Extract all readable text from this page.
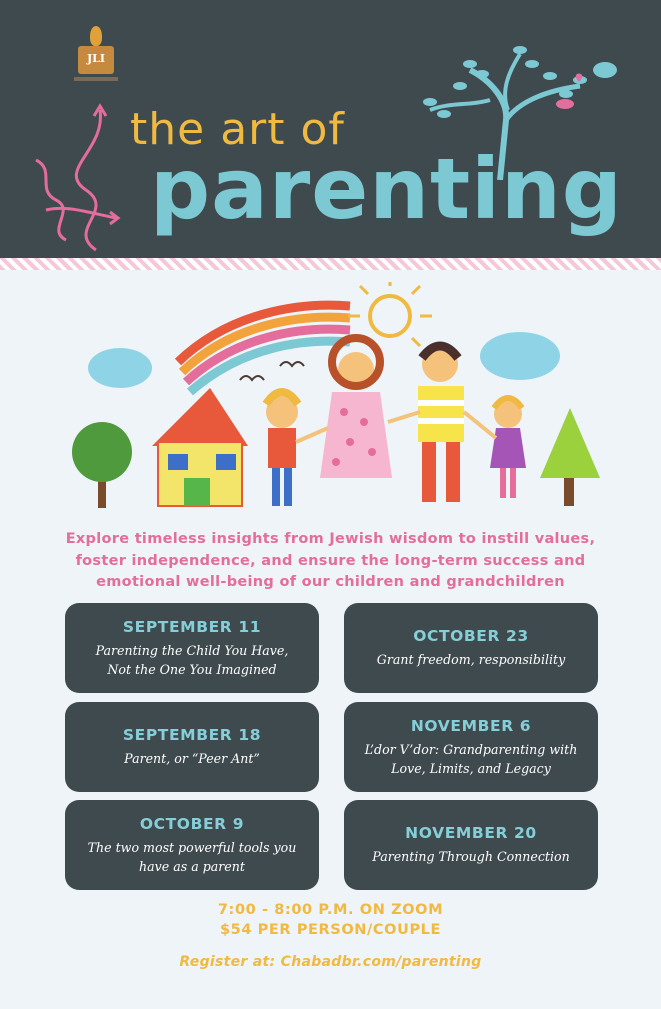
JLI
the art of
parenting
Explore timeless insights from Jewish wisdom to instill values,
foster independence, and ensure the long-term success and
emotional well-being of our children and grandchildren
SEPTEMBER 11
Parenting the Child You Have,
Not the One You Imagined
OCTOBER 23
Grant freedom, responsibility
SEPTEMBER 18
Parent, or “Peer Ant”
NOVEMBER 6
L’dor V’dor: Grandparenting with
Love, Limits, and Legacy
OCTOBER 9
The two most powerful tools you
have as a parent
NOVEMBER 20
Parenting Through Connection
7:00 - 8:00 P.M. ON ZOOM
$54 PER PERSON/COUPLE
Register at: Chabadbr.com/parenting
